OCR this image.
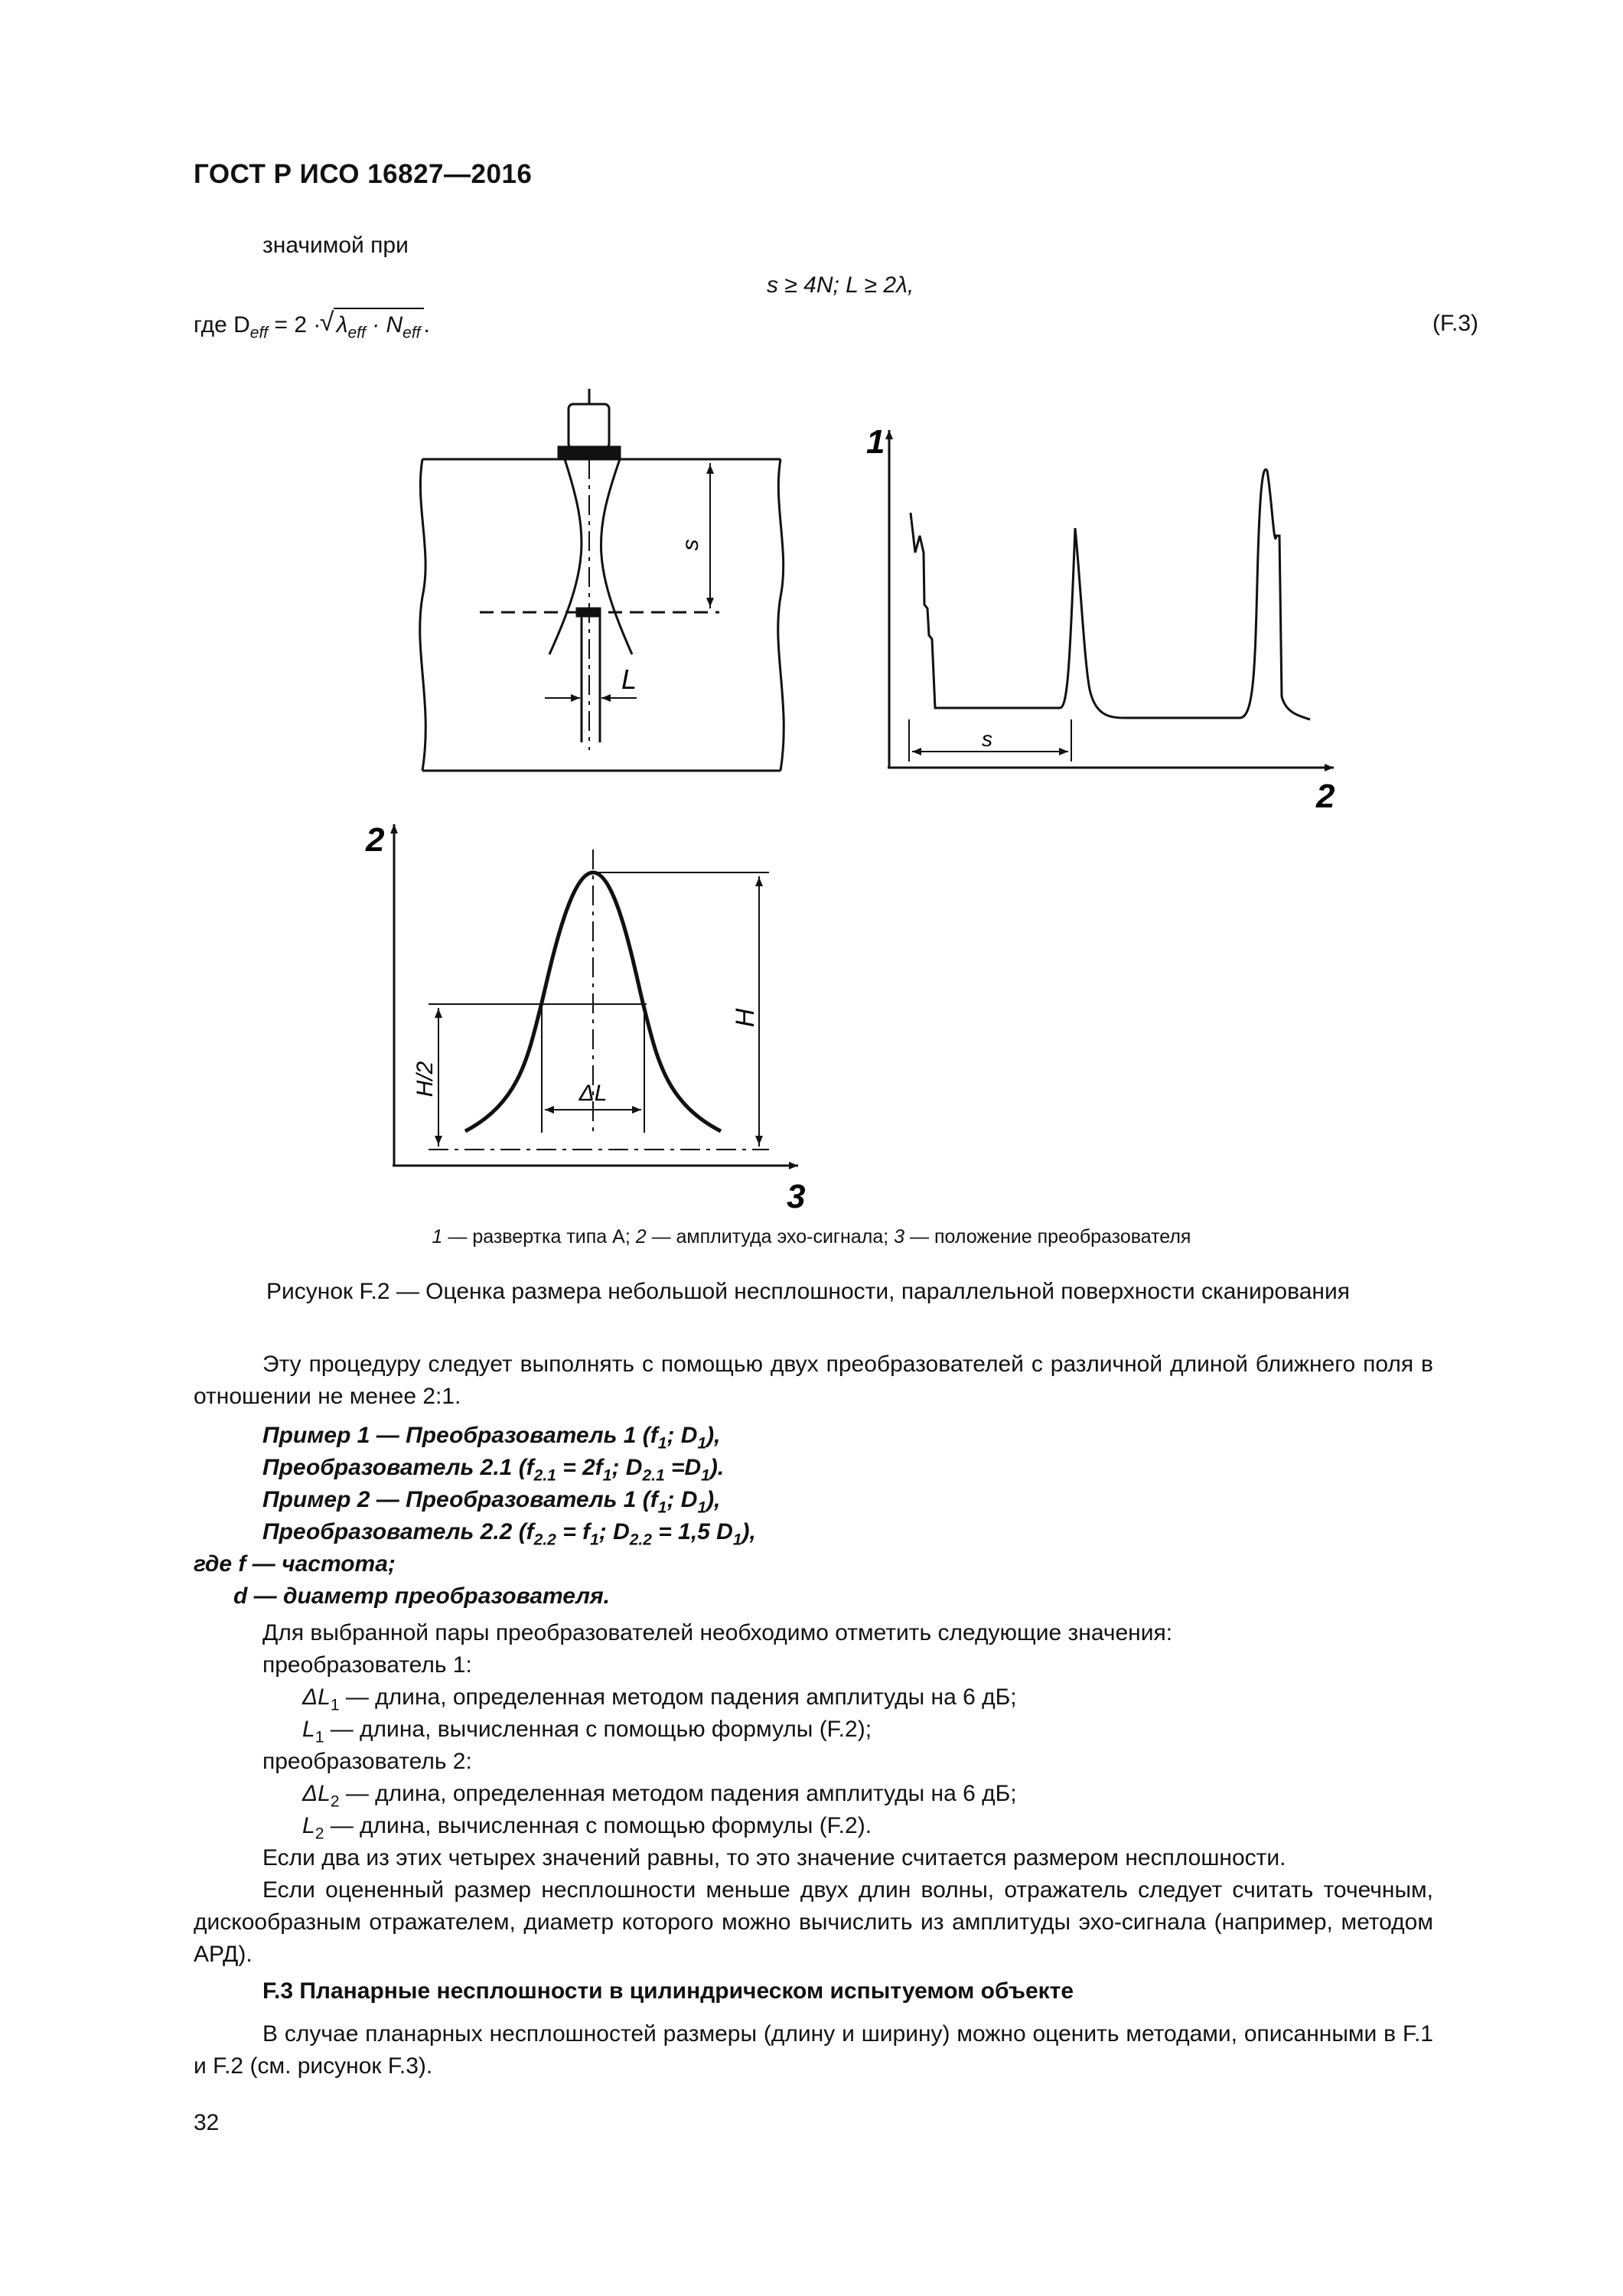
ГОСТ Р ИСО 16827—2016
значимой при
s ≥ 4N; L ≥ 2λ,
где $D_{eff} = 2$ ·
√ $\lambda_{eff} \cdot N_{eff}$ .	(F.3)
s
L
s
1
2
H
H/2	ΔL
2
3
1 — развертка типа А; 2 — амплитуда эхо-сигнала; 3 — положение преобразователя
Рисунок F.2 — Оценка размера небольшой несплошности, параллельной поверхности сканирования
Эту процедуру следует выполнять с помощью двух преобразователей с различной длиной ближнего поля в отношении не менее 2:1.
Пример 1 — Преобразователь 1 ($f_1$; $D_1$),
Преобразователь 2.1 ($f_{2.1} = 2f_1$; $D_{2.1} =D_1$).
Пример 2 — Преобразователь 1 ($f_1$; $D_1$),
Преобразователь 2.2 ($f_{2.2} = f_1$; $D_{2.2} = 1,5$ $D_1$),
где f — частота;
d — диаметр преобразователя.
Для выбранной пары преобразователей необходимо отметить следующие значения:
преобразователь 1:
$\Delta L_1$ — длина, определенная методом падения амплитуды на 6 дБ;
$L_1$ — длина, вычисленная с помощью формулы (F.2);
преобразователь 2:
$\Delta L_2$ — длина, определенная методом падения амплитуды на 6 дБ;
$L_2$ — длина, вычисленная с помощью формулы (F.2).
Если два из этих четырех значений равны, то это значение считается размером несплошности.
Если оцененный размер несплошности меньше двух длин волны, отражатель следует считать точечным, дискообразным отражателем, диаметр которого можно вычислить из амплитуды эхо-сигнала (например, методом АРД).
F.3 Планарные несплошности в цилиндрическом испытуемом объекте
В случае планарных несплошностей размеры (длину и ширину) можно оценить методами, описанными в F.1 и F.2 (см. рисунок F.3).
32
